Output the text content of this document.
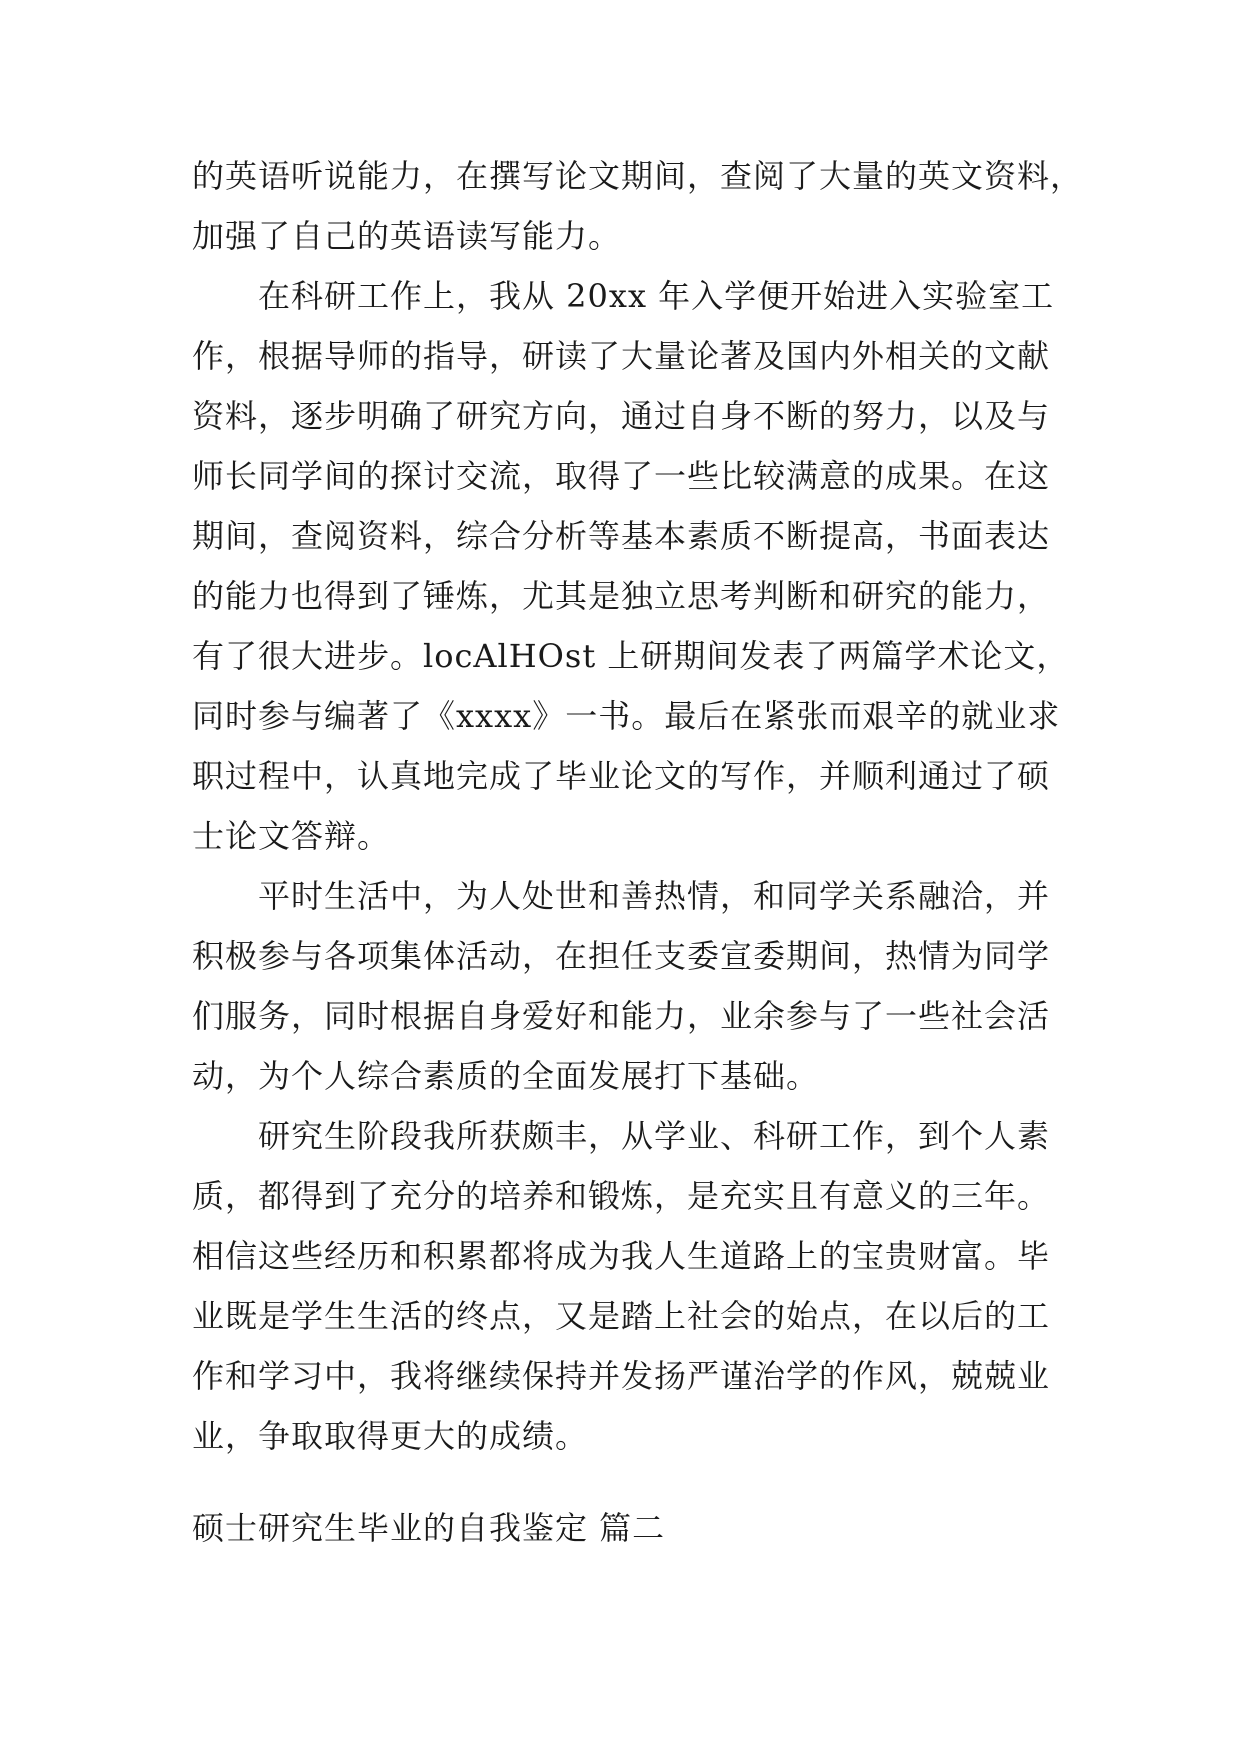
的英语听说能力，在撰写论文期间，查阅了大量的英文资料，
加强了自己的英语读写能力。
在科研工作上，我从 20xx 年入学便开始进入实验室工
作，根据导师的指导，研读了大量论著及国内外相关的文献
资料，逐步明确了研究方向，通过自身不断的努力，以及与
师长同学间的探讨交流，取得了一些比较满意的成果。在这
期间，查阅资料，综合分析等基本素质不断提高，书面表达
的能力也得到了锤炼，尤其是独立思考判断和研究的能力，
有了很大进步。locAlHOst 上研期间发表了两篇学术论文，
同时参与编著了《xxxx》一书。最后在紧张而艰辛的就业求
职过程中，认真地完成了毕业论文的写作，并顺利通过了硕
士论文答辩。
平时生活中，为人处世和善热情，和同学关系融洽，并
积极参与各项集体活动，在担任支委宣委期间，热情为同学
们服务，同时根据自身爱好和能力，业余参与了一些社会活
动，为个人综合素质的全面发展打下基础。
研究生阶段我所获颇丰，从学业、科研工作，到个人素
质，都得到了充分的培养和锻炼，是充实且有意义的三年。
相信这些经历和积累都将成为我人生道路上的宝贵财富。毕
业既是学生生活的终点，又是踏上社会的始点，在以后的工
作和学习中，我将继续保持并发扬严谨治学的作风，兢兢业
业，争取取得更大的成绩。
硕士研究生毕业的自我鉴定 篇二
